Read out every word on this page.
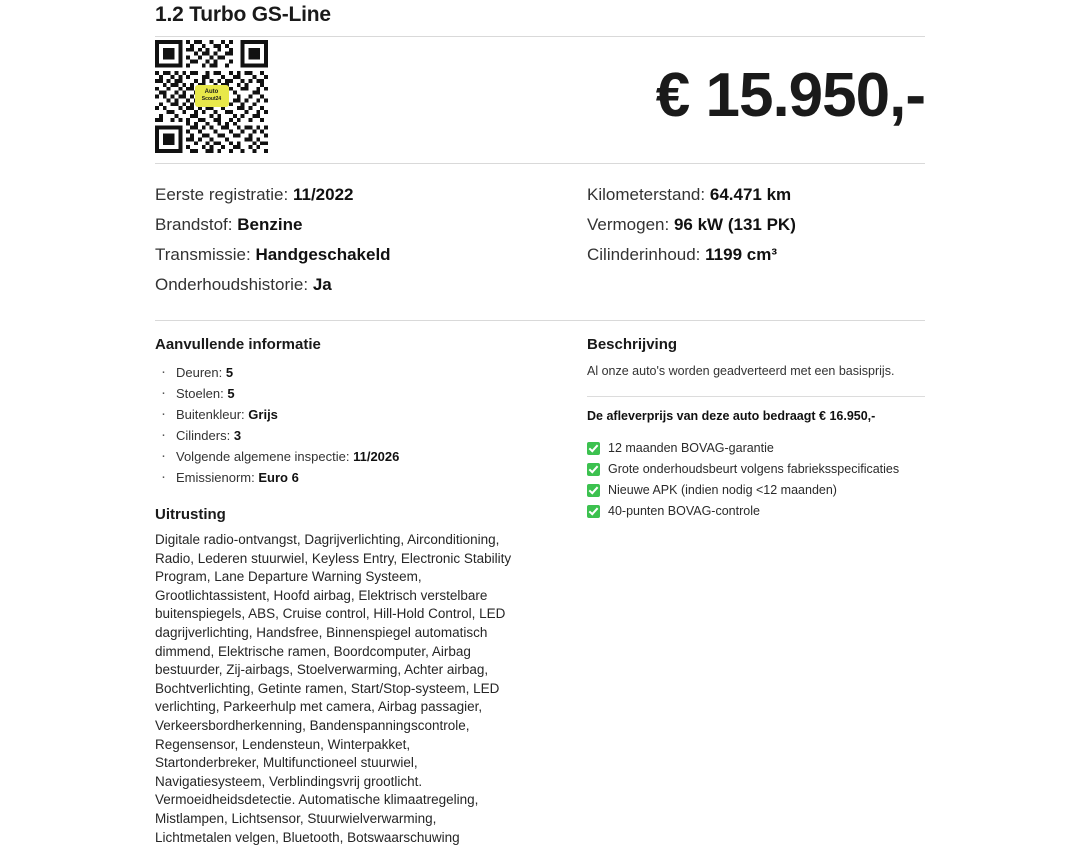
1.2 Turbo GS-Line
Auto
Scout24	€ 15.950,-
Eerste registratie: 11/2022
Brandstof: Benzine
Transmissie: Handgeschakeld
Onderhoudshistorie: Ja
Kilometerstand: 64.471 km
Vermogen: 96 kW (131 PK)
Cilinderinhoud: 1199 cm³
Aanvullende informatie
· Deuren: 5
· Stoelen: 5
· Buitenkleur: Grijs
· Cilinders: 3
· Volgende algemene inspectie: 11/2026
· Emissienorm: Euro 6
Uitrusting
Digitale radio-ontvangst, Dagrijverlichting, Airconditioning, Radio, Lederen stuurwiel, Keyless Entry, Electronic Stability Program, Lane Departure Warning Systeem, Grootlichtassistent, Hoofd airbag, Elektrisch verstelbare buitenspiegels, ABS, Cruise control, Hill-Hold Control, LED dagrijverlichting, Handsfree, Binnenspiegel automatisch dimmend, Elektrische ramen, Boordcomputer, Airbag bestuurder, Zij-airbags, Stoelverwarming, Achter airbag, Bochtverlichting, Getinte ramen, Start/Stop-systeem, LED verlichting, Parkeerhulp met camera, Airbag passagier, Verkeersbordherkenning, Bandenspanningscontrole, Regensensor, Lendensteun, Winterpakket, Startonderbreker, Multifunctioneel stuurwiel, Navigatiesysteem, Verblindingsvrij grootlicht. Vermoeidheidsdetectie. Automatische klimaatregeling, Mistlampen, Lichtsensor, Stuurwielverwarming, Lichtmetalen velgen, Bluetooth, Botswaarschuwing
Beschrijving
Al onze auto's worden geadverteerd met een basisprijs.
De afleverprijs van deze auto bedraagt € 16.950,-
12 maanden BOVAG-garantie
Grote onderhoudsbeurt volgens fabrieksspecificaties
Nieuwe APK (indien nodig <12 maanden)
40-punten BOVAG-controle
